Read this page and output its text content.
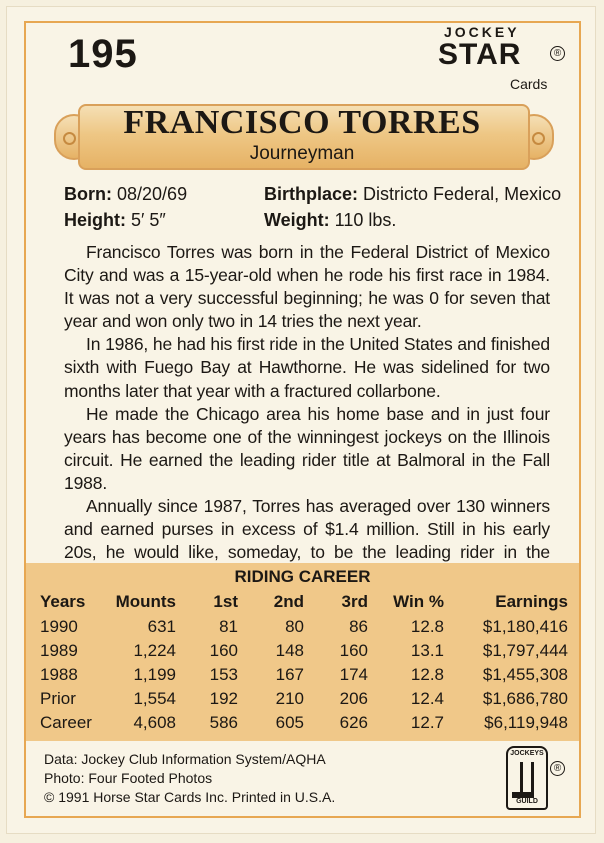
195	JOCKEY
STAR	®
Cards
FRANCISCO TORRES
Journeyman
Born: 08/20/69	Birthplace: Districto Federal, Mexico
Height: 5′ 5″	Weight: 110 lbs.

Francisco Torres was born in the Federal District of Mexico City and was a 15-year-old when he rode his first race in 1984. It was not a very successful beginning; he was 0 for seven that year and won only two in 14 tries the next year.

In 1986, he had his first ride in the United States and finished sixth with Fuego Bay at Hawthorne. He was sidelined for two months later that year with a fractured collarbone.

He made the Chicago area his home base and in just four years has become one of the winningest jockeys on the Illinois circuit. He earned the leading rider title at Balmoral in the Fall 1988.

Annually since 1987, Torres has averaged over 130 winners and earned purses in excess of $1.4 million. Still in his early 20s, he would like, someday, to be the leading rider in the

RIDING CAREER
Years	Mounts	1st	2nd	3rd	Win %	Earnings
1990	631	81	80	86	12.8	$1,180,416
1989	1,224	160	148	160	13.1	$1,797,444
1988	1,199	153	167	174	12.8	$1,455,308
Prior	1,554	192	210	206	12.4	$1,686,780
Career	4,608	586	605	626	12.7	$6,119,948
Data: Jockey Club Information System/AQHA
Photo: Four Footed Photos
© 1991 Horse Star Cards Inc. Printed in U.S.A.
JOCKEYS
GUILD
®
